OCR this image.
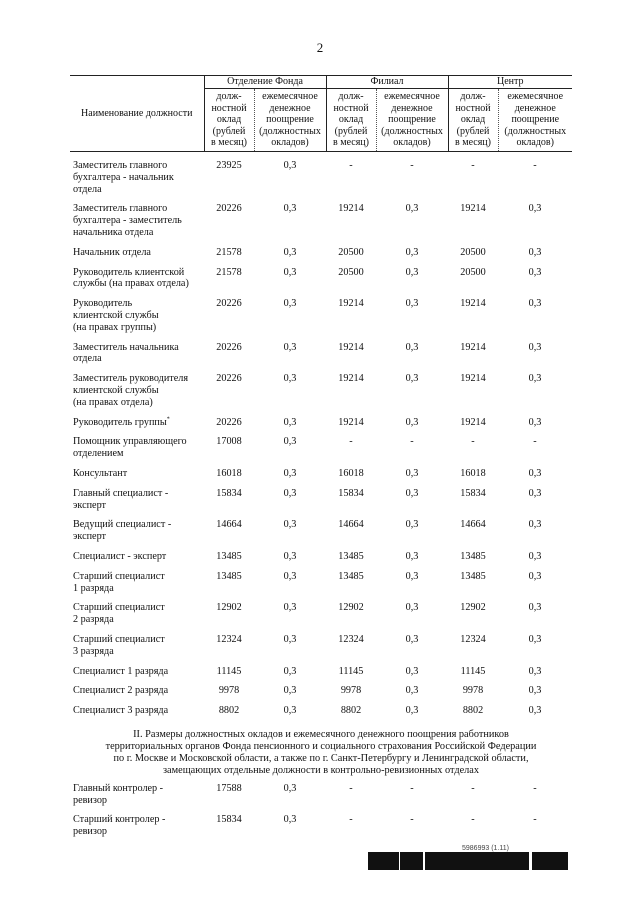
2
Наименование должности	Отделение Фонда		Филиал		Центр	
	долж-
ностной
оклад
(рублей
в месяц)	ежемесячное
денежное
поощрение
(должностных
окладов)	долж-
ностной
оклад
(рублей
в месяц)	ежемесячное
денежное
поощрение
(должностных
окладов)	долж-
ностной
оклад
(рублей
в месяц)	ежемесячное
денежное
поощрение
(должностных
окладов)

Заместитель главного
бухгалтера - начальник
отдела	23925	0,3	-	-	-	-

Заместитель главного
бухгалтера - заместитель
начальника отдела	20226	0,3	19214	0,3	19214	0,3

Начальник отдела	21578	0,3	20500	0,3	20500	0,3

Руководитель клиентской
службы (на правах отдела)	21578	0,3	20500	0,3	20500	0,3

Руководитель
клиентской службы
(на правах группы)	20226	0,3	19214	0,3	19214	0,3

Заместитель начальника
отдела	20226	0,3	19214	0,3	19214	0,3

Заместитель руководителя
клиентской службы
(на правах отдела)	20226	0,3	19214	0,3	19214	0,3

Руководитель группы*	20226	0,3	19214	0,3	19214	0,3

Помощник управляющего
отделением	17008	0,3	-	-	-	-

Консультант	16018	0,3	16018	0,3	16018	0,3

Главный специалист -
эксперт	15834	0,3	15834	0,3	15834	0,3

Ведущий специалист -
эксперт	14664	0,3	14664	0,3	14664	0,3

Специалист - эксперт	13485	0,3	13485	0,3	13485	0,3

Старший специалист
1 разряда	13485	0,3	13485	0,3	13485	0,3

Старший специалист
2 разряда	12902	0,3	12902	0,3	12902	0,3

Старший специалист
3 разряда	12324	0,3	12324	0,3	12324	0,3

Специалист 1 разряда	11145	0,3	11145	0,3	11145	0,3

Специалист 2 разряда	9978	0,3	9978	0,3	9978	0,3

Специалист 3 разряда	8802	0,3	8802	0,3	8802	0,3

II. Размеры должностных окладов и ежемесячного денежного поощрения работников
территориальных органов Фонда пенсионного и социального страхования Российской Федерации
по г. Москве и Московской области, а также по г. Санкт-Петербургу и Ленинградской области,
замещающих отдельные должности в контрольно-ревизионных отделах						
Главный контролер -
ревизор	17588	0,3	-	-	-	-

Старший контролер -
ревизор	15834	0,3	-	-	-	-

5986993 (1.11)
